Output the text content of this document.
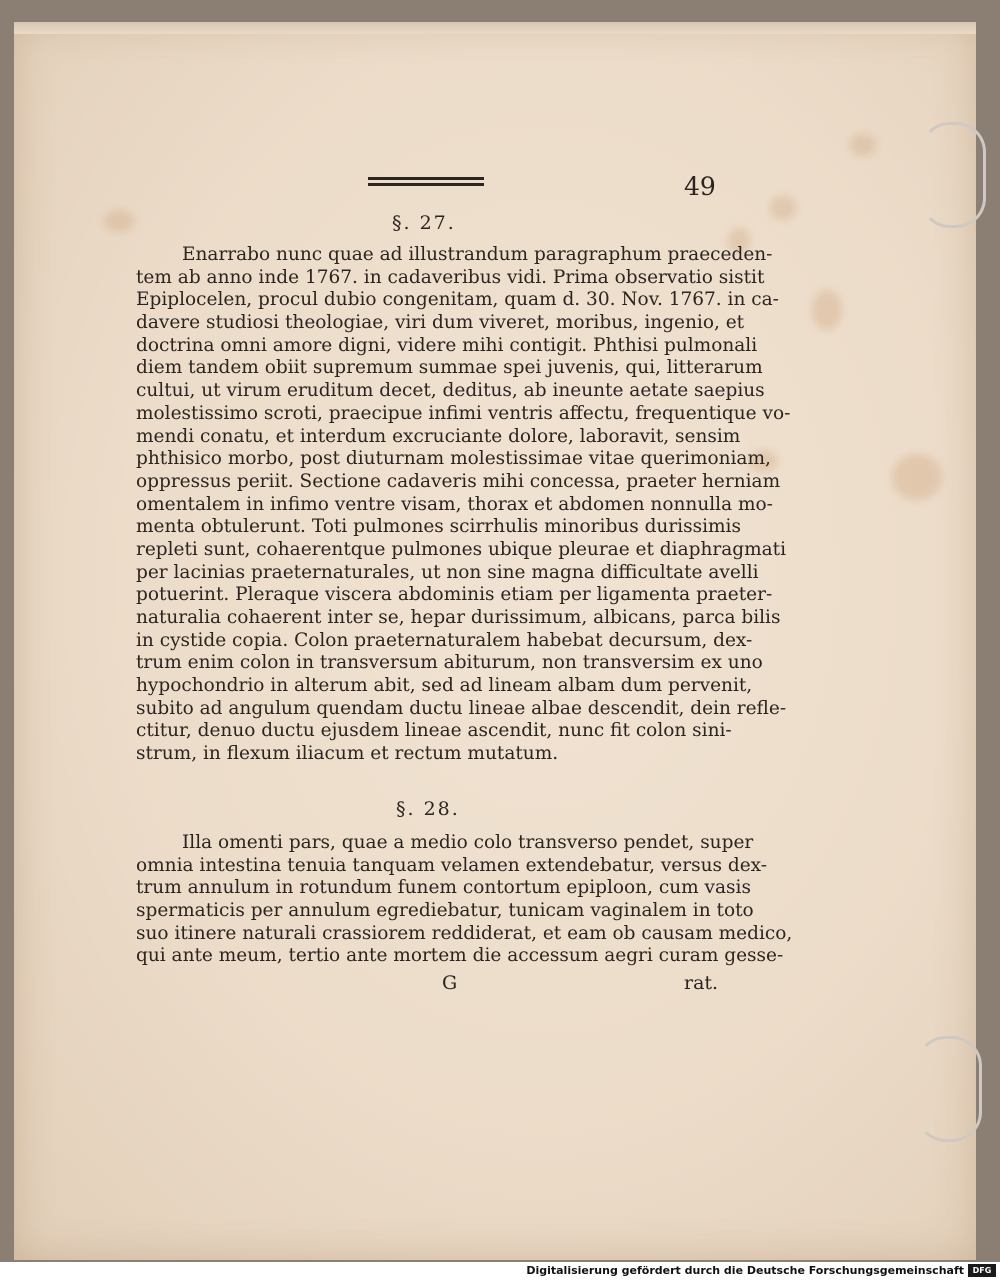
49
§. 27.
Enarrabo nunc quae ad illustrandum paragraphum praeceden-
tem ab anno inde 1767. in cadaveribus vidi. Prima observatio sistit
Epiplocelen, procul dubio congenitam, quam d. 30. Nov. 1767. in ca-
davere studiosi theologiae, viri dum viveret, moribus, ingenio, et
doctrina omni amore digni, videre mihi contigit. Phthisi pulmonali
diem tandem obiit supremum summae spei juvenis, qui, litterarum
cultui, ut virum eruditum decet, deditus, ab ineunte aetate saepius
molestissimo scroti, praecipue infimi ventris affectu, frequentique vo-
mendi conatu, et interdum excruciante dolore, laboravit, sensim
phthisico morbo, post diuturnam molestissimae vitae querimoniam,
oppressus periit. Sectione cadaveris mihi concessa, praeter herniam
omentalem in infimo ventre visam, thorax et abdomen nonnulla mo-
menta obtulerunt. Toti pulmones scirrhulis minoribus durissimis
repleti sunt, cohaerentque pulmones ubique pleurae et diaphragmati
per lacinias praeternaturales, ut non sine magna difficultate avelli
potuerint. Pleraque viscera abdominis etiam per ligamenta praeter-
naturalia cohaerent inter se, hepar durissimum, albicans, parca bilis
in cystide copia. Colon praeternaturalem habebat decursum, dex-
trum enim colon in transversum abiturum, non transversim ex uno
hypochondrio in alterum abit, sed ad lineam albam dum pervenit,
subito ad angulum quendam ductu lineae albae descendit, dein refle-
ctitur, denuo ductu ejusdem lineae ascendit, nunc fit colon sini-
strum, in flexum iliacum et rectum mutatum.
§. 28.
Illa omenti pars, quae a medio colo transverso pendet, super
omnia intestina tenuia tanquam velamen extendebatur, versus dex-
trum annulum in rotundum funem contortum epiploon, cum vasis
spermaticis per annulum egrediebatur, tunicam vaginalem in toto
suo itinere naturali crassiorem reddiderat, et eam ob causam medico,
qui ante meum, tertio ante mortem die accessum aegri curam gesse-
G	rat.
Digitalisierung gefördert durch die Deutsche Forschungsgemeinschaft	DFG
